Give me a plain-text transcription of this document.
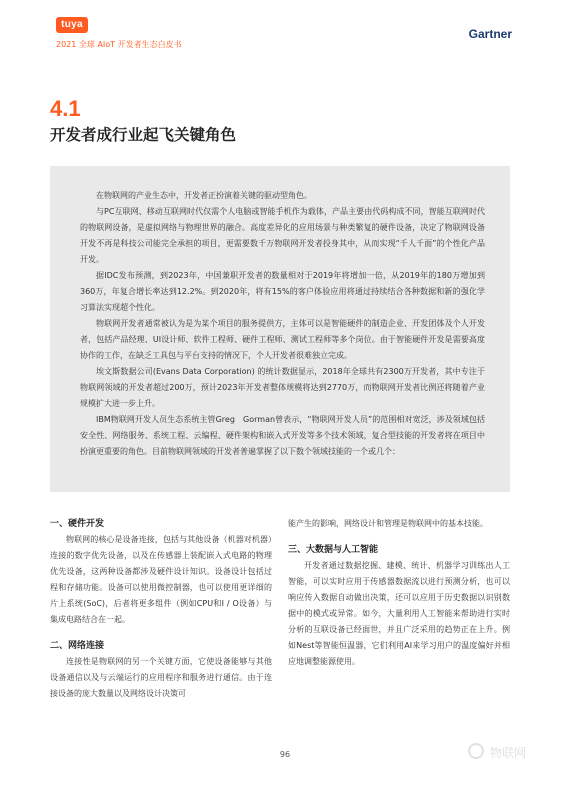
tuya
2021 全球 AIoT 开发者生态白皮书
Gartner
4.1
开发者成行业起飞关键角色

在物联网的产业生态中，开发者正扮演着关键的驱动型角色。

与PC互联网、移动互联网时代仅需个人电脑或智能手机作为载体，产品主要由代码构成不同，智能互联网时代的物联网设备，是虚拟网络与物理世界的融合。高度差异化的应用场景与种类繁复的硬件设备，决定了物联网设备开发不再是科技公司能完全承担的项目，更需要数千万物联网开发者投身其中，从而实现“千人千面”的个性化产品开发。

据IDC发布预测，到2023年，中国兼职开发者的数量相对于2019年将增加一倍，从2019年的180万增加到360万，年复合增长率达到12.2%。到2020年，将有15%的客户体验应用将通过持续结合各种数据和新的强化学习算法实现超个性化。

物联网开发者通常被认为是为某个项目的服务提供方，主体可以是智能硬件的制造企业、开发团体及个人开发者，包括产品经理、UI设计师、软件工程师、硬件工程师、测试工程师等多个岗位。由于智能硬件开发是需要高度协作的工作，在缺乏工具包与平台支持的情况下，个人开发者很难独立完成。

埃文斯数据公司(Evans Data Corporation) 的统计数据显示，2018年全球共有2300万开发者，其中专注于物联网领域的开发者超过200万，预计2023年开发者整体规模将达到2770万，而物联网开发者比例还将随着产业规模扩大进一步上升。

IBM物联网开发人员生态系统主管Greg　Gorman曾表示，“物联网开发人员”的范围相对宽泛，涉及领域包括安全性、网络服务、系统工程、云编程、硬件架构和嵌入式开发等多个技术领域，复合型技能的开发者将在项目中扮演更重要的角色。目前物联网领域的开发者普遍掌握了以下数个领域技能的一个或几个：

一、硬件开发

物联网的核心是设备连接，包括与其他设备（机器对机器）连接的数字优先设备，以及在传感器上装配嵌入式电路的物理优先设备，这两种设备都涉及硬件设计知识。设备设计包括过程和存储功能。设备可以使用微控制器，也可以使用更详细的片上系统(SoC)，后者将更多组件（例如CPU和I / O设备）与集成电路结合在一起。

二、网络连接

连接性是物联网的另一个关键方面，它使设备能够与其他设备通信以及与云端运行的应用程序和服务进行通信。由于连接设备的庞大数量以及网络设计决策可

能产生的影响，网络设计和管理是物联网中的基本技能。

三、大数据与人工智能

开发者通过数据挖掘、建模、统计、机器学习训练出人工智能，可以实时应用于传感器数据流以进行预测分析，也可以响应传入数据自动做出决策，还可以应用于历史数据以识别数据中的模式或异常。如今，大量利用人工智能来帮助进行实时分析的互联设备已经面世，并且广泛采用的趋势正在上升。例如Nest等智能恒温器，它们利用AI来学习用户的温度偏好并相应地调整能源使用。

96	物联网
